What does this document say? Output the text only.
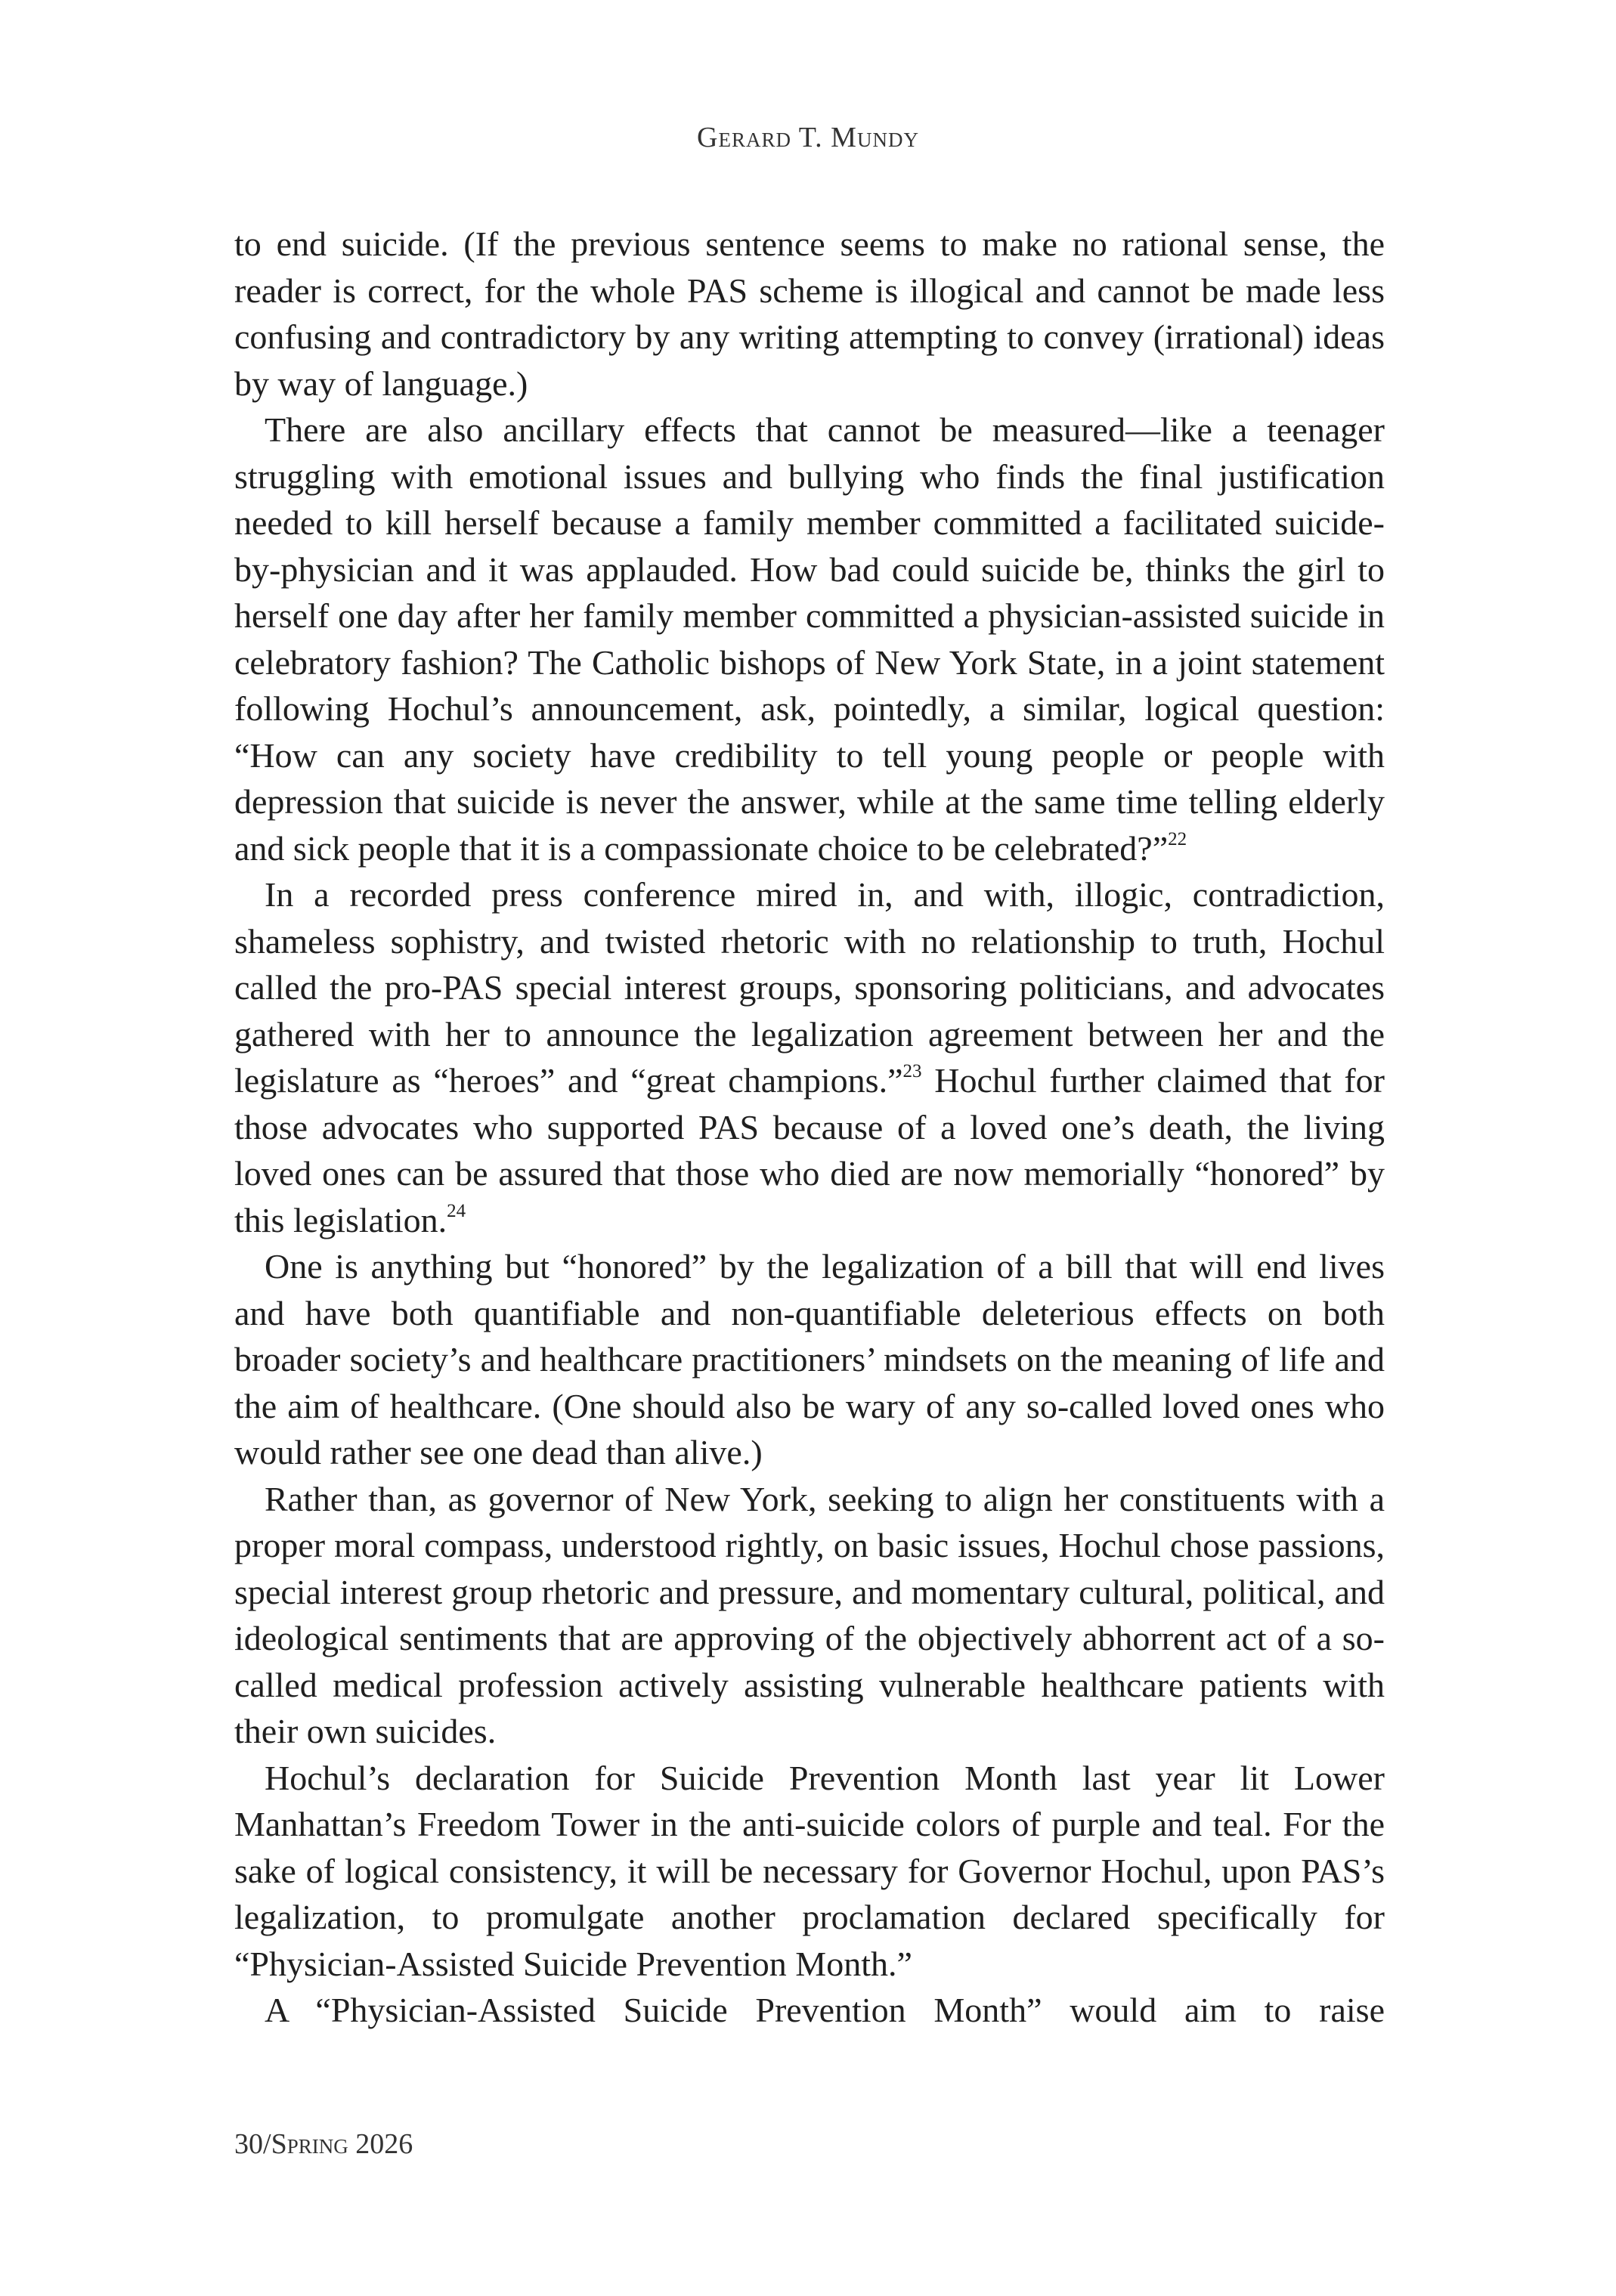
Gerard T. Mundy

to end suicide. (If the previous sentence seems to make no rational sense, the reader is correct, for the whole PAS scheme is illogical and cannot be made less confusing and contradictory by any writing attempting to convey (irrational) ideas by way of language.)

There are also ancillary effects that cannot be measured—like a teenager struggling with emotional issues and bullying who finds the final justification needed to kill herself because a family member committed a facilitated suicide-by-physician and it was applauded. How bad could suicide be, thinks the girl to herself one day after her family member committed a physician-assisted suicide in celebratory fashion? The Catholic bishops of New York State, in a joint statement following Hochul’s announcement, ask, pointedly, a similar, logical question: “How can any society have credibility to tell young people or people with depression that suicide is never the answer, while at the same time telling elderly and sick people that it is a compassionate choice to be celebrated?”$^{22}$

In a recorded press conference mired in, and with, illogic, contradiction, shameless sophistry, and twisted rhetoric with no relationship to truth, Hochul called the pro-PAS special interest groups, sponsoring politicians, and advocates gathered with her to announce the legalization agreement between her and the legislature as “heroes” and “great champions.”$^{23}$ Hochul further claimed that for those advocates who supported PAS because of a loved one’s death, the living loved ones can be assured that those who died are now memorially “honored” by this legislation.$^{24}$

One is anything but “honored” by the legalization of a bill that will end lives and have both quantifiable and non-quantifiable deleterious effects on both broader society’s and healthcare practitioners’ mindsets on the meaning of life and the aim of healthcare. (One should also be wary of any so-called loved ones who would rather see one dead than alive.)

Rather than, as governor of New York, seeking to align her constituents with a proper moral compass, understood rightly, on basic issues, Hochul chose passions, special interest group rhetoric and pressure, and momentary cultural, political, and ideological sentiments that are approving of the objectively abhorrent act of a so-called medical profession actively assisting vulnerable healthcare patients with their own suicides.

Hochul’s declaration for Suicide Prevention Month last year lit Lower Manhattan’s Freedom Tower in the anti-suicide colors of purple and teal. For the sake of logical consistency, it will be necessary for Governor Hochul, upon PAS’s legalization, to promulgate another proclamation declared specifically for “Physician-Assisted Suicide Prevention Month.”

A “Physician-Assisted Suicide Prevention Month” would aim to raise

30/Spring 2026
